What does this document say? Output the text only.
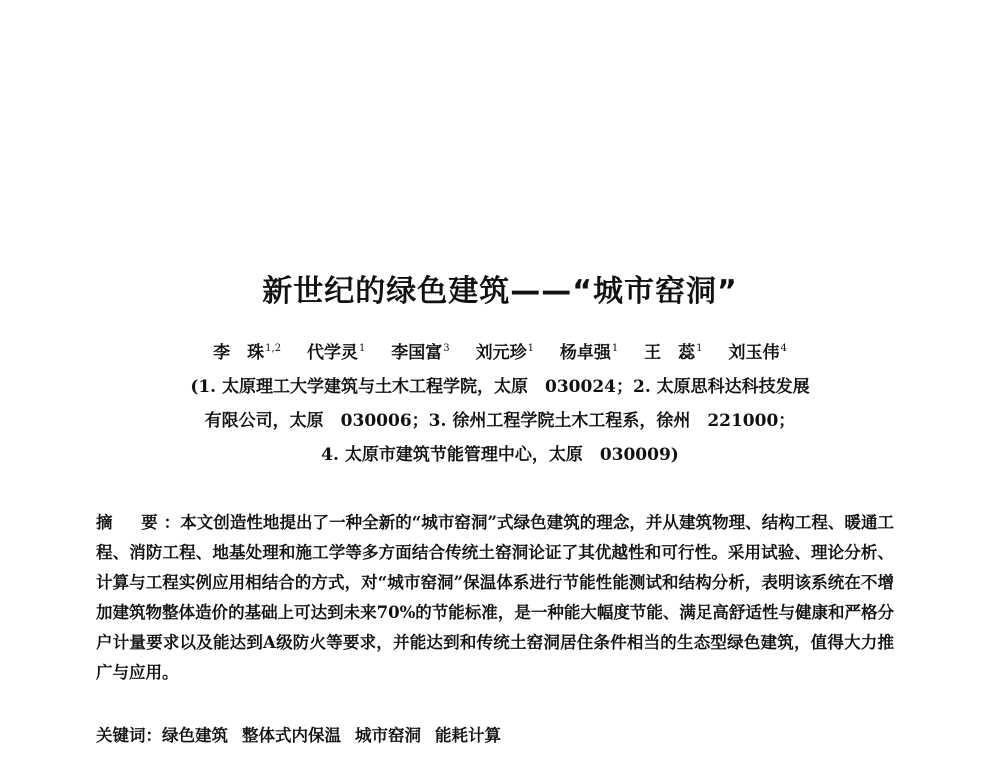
新世纪的绿色建筑——“城市窑洞”
李　珠$^{1,2}$ 代学灵$^1$ 李国富$^3$ 刘元珍$^1$ 杨卓强$^1$ 王　蕊$^1$ 刘玉伟$^4$
(1. 太原理工大学建筑与土木工程学院，太原　030024；2. 太原思科达科技发展
有限公司，太原　030006；3. 徐州工程学院土木工程系，徐州　221000；
4. 太原市建筑节能管理中心，太原　030009)
摘　要：本文创造性地提出了一种全新的“城市窑洞”式绿色建筑的理念，并从建筑物理、结构工程、暖通工程、消防工程、地基处理和施工学等多方面结合传统土窑洞论证了其优越性和可行性。采用试验、理论分析、计算与工程实例应用相结合的方式，对“城市窑洞”保温体系进行节能性能测试和结构分析，表明该系统在不增加建筑物整体造价的基础上可达到未来70%的节能标准，是一种能大幅度节能、满足高舒适性与健康和严格分户计量要求以及能达到A级防火等要求，并能达到和传统土窑洞居住条件相当的生态型绿色建筑，值得大力推广与应用。
关键词：绿色建筑 整体式内保温 城市窑洞 能耗计算
